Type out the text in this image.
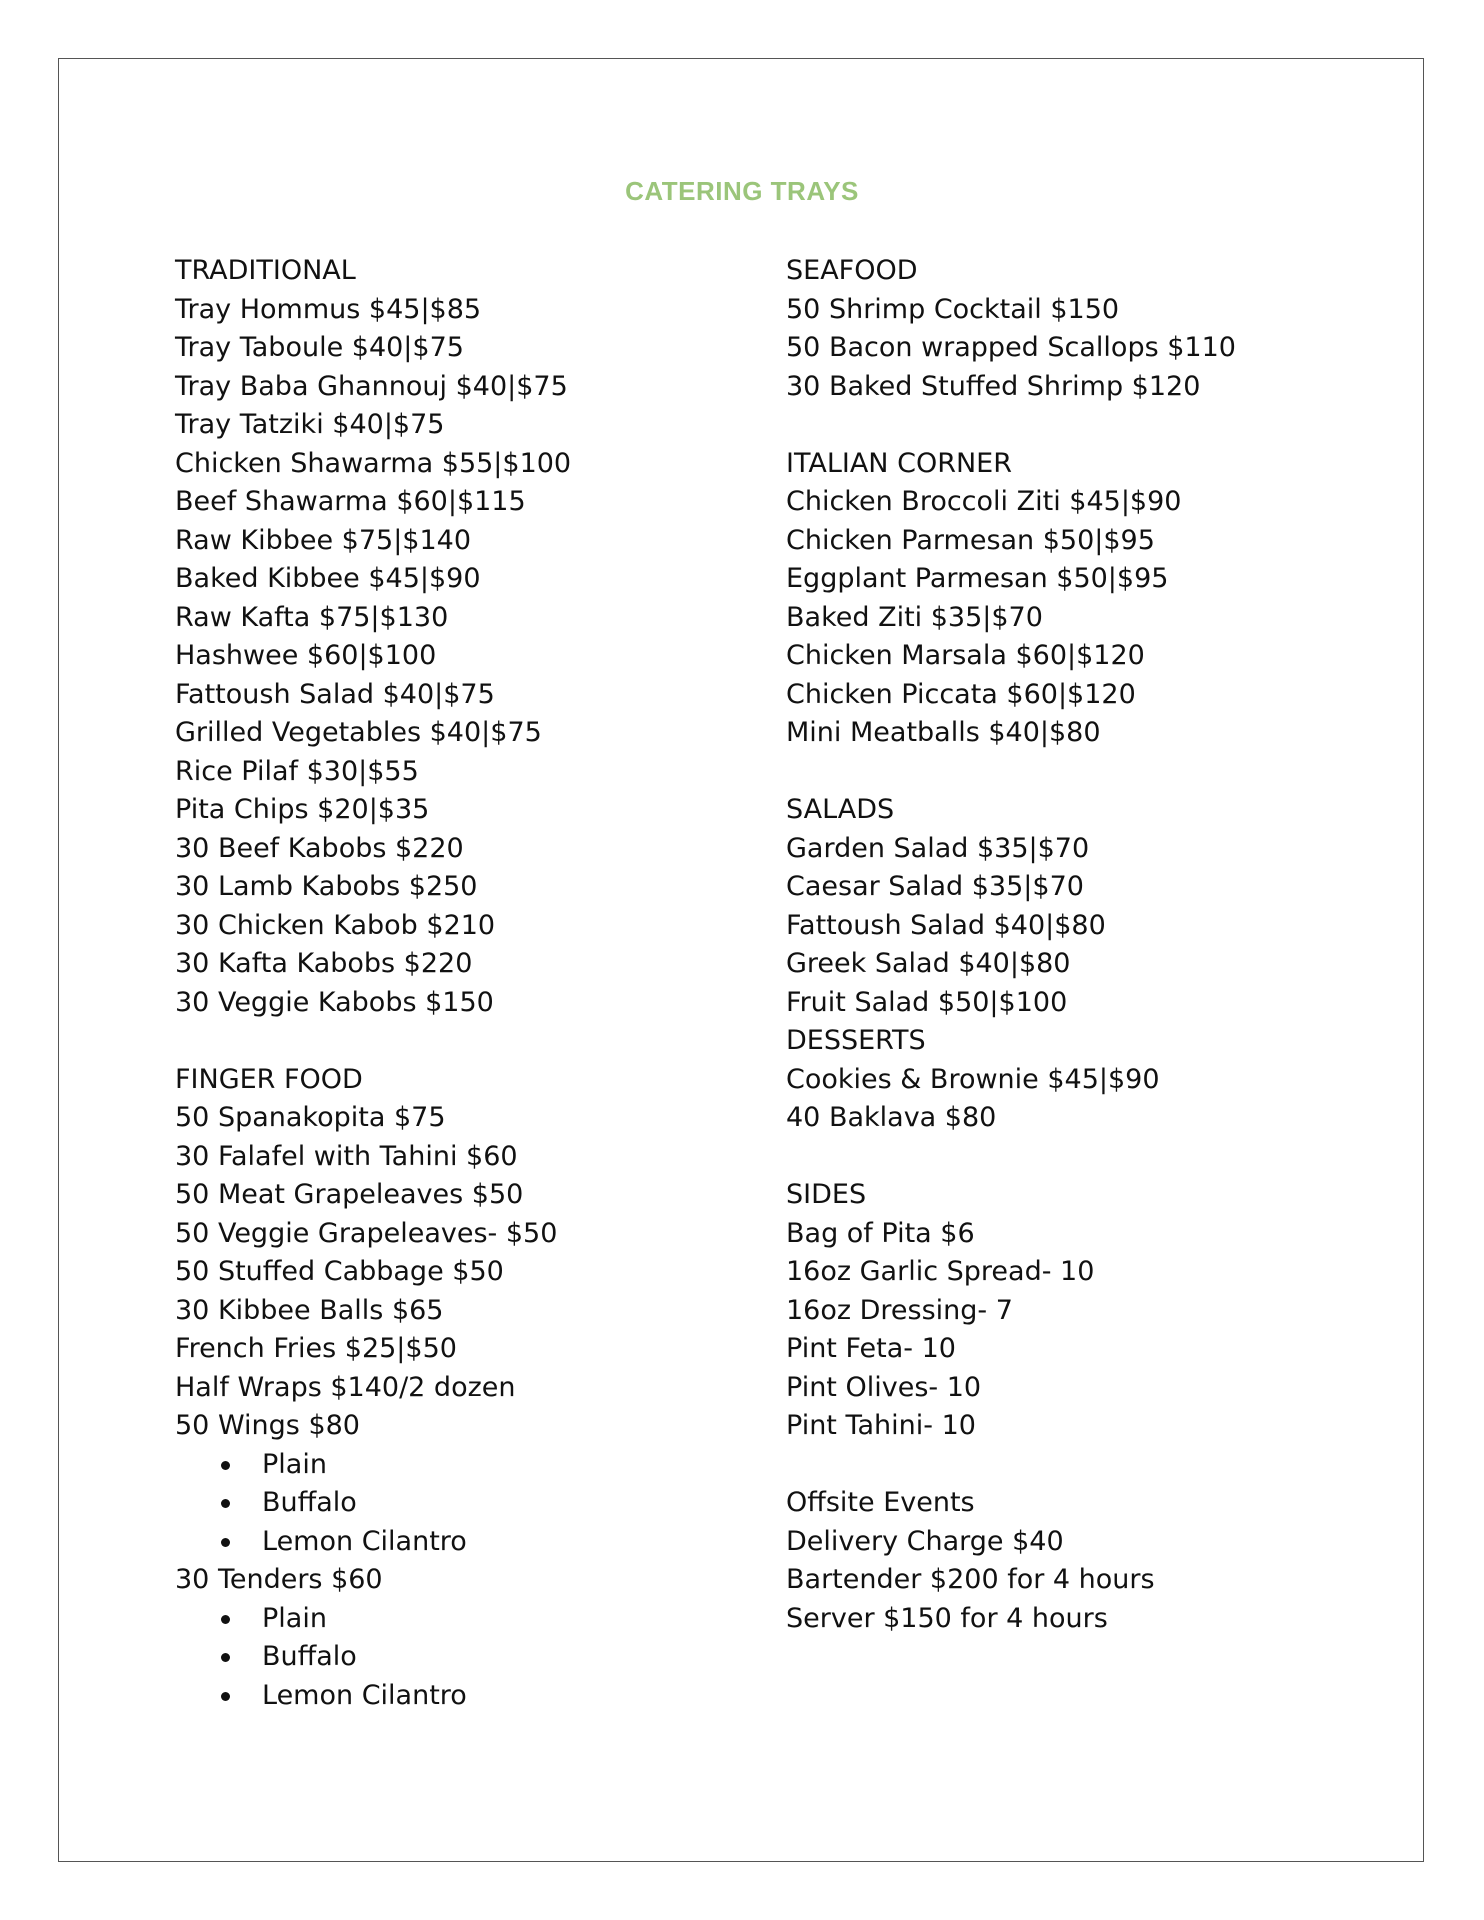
CATERING TRAYS
TRADITIONAL
Tray Hommus $45|$85
Tray Taboule $40|$75
Tray Baba Ghannouj $40|$75
Tray Tatziki $40|$75
Chicken Shawarma $55|$100
Beef Shawarma $60|$115
Raw Kibbee $75|$140
Baked Kibbee $45|$90
Raw Kafta $75|$130
Hashwee $60|$100
Fattoush Salad $40|$75
Grilled Vegetables $40|$75
Rice Pilaf $30|$55
Pita Chips $20|$35
30 Beef Kabobs $220
30 Lamb Kabobs $250
30 Chicken Kabob $210
30 Kafta Kabobs $220
30 Veggie Kabobs $150
FINGER FOOD
50 Spanakopita $75
30 Falafel with Tahini $60
50 Meat Grapeleaves $50
50 Veggie Grapeleaves- $50
50 Stuffed Cabbage $50
30 Kibbee Balls $65
French Fries $25|$50
Half Wraps $140/2 dozen
50 Wings $80
Plain
Buffalo
Lemon Cilantro
30 Tenders $60
Plain
Buffalo
Lemon Cilantro
SEAFOOD
50 Shrimp Cocktail $150
50 Bacon wrapped Scallops $110
30 Baked Stuffed Shrimp $120
ITALIAN CORNER
Chicken Broccoli Ziti $45|$90
Chicken Parmesan $50|$95
Eggplant Parmesan $50|$95
Baked Ziti $35|$70
Chicken Marsala $60|$120
Chicken Piccata $60|$120
Mini Meatballs $40|$80
SALADS
Garden Salad $35|$70
Caesar Salad $35|$70
Fattoush Salad $40|$80
Greek Salad $40|$80
Fruit Salad $50|$100
DESSERTS
Cookies & Brownie $45|$90
40 Baklava $80
SIDES
Bag of Pita $6
16oz Garlic Spread- 10
16oz Dressing- 7
Pint Feta- 10
Pint Olives- 10
Pint Tahini- 10
Offsite Events
Delivery Charge $40
Bartender $200 for 4 hours
Server $150 for 4 hours
